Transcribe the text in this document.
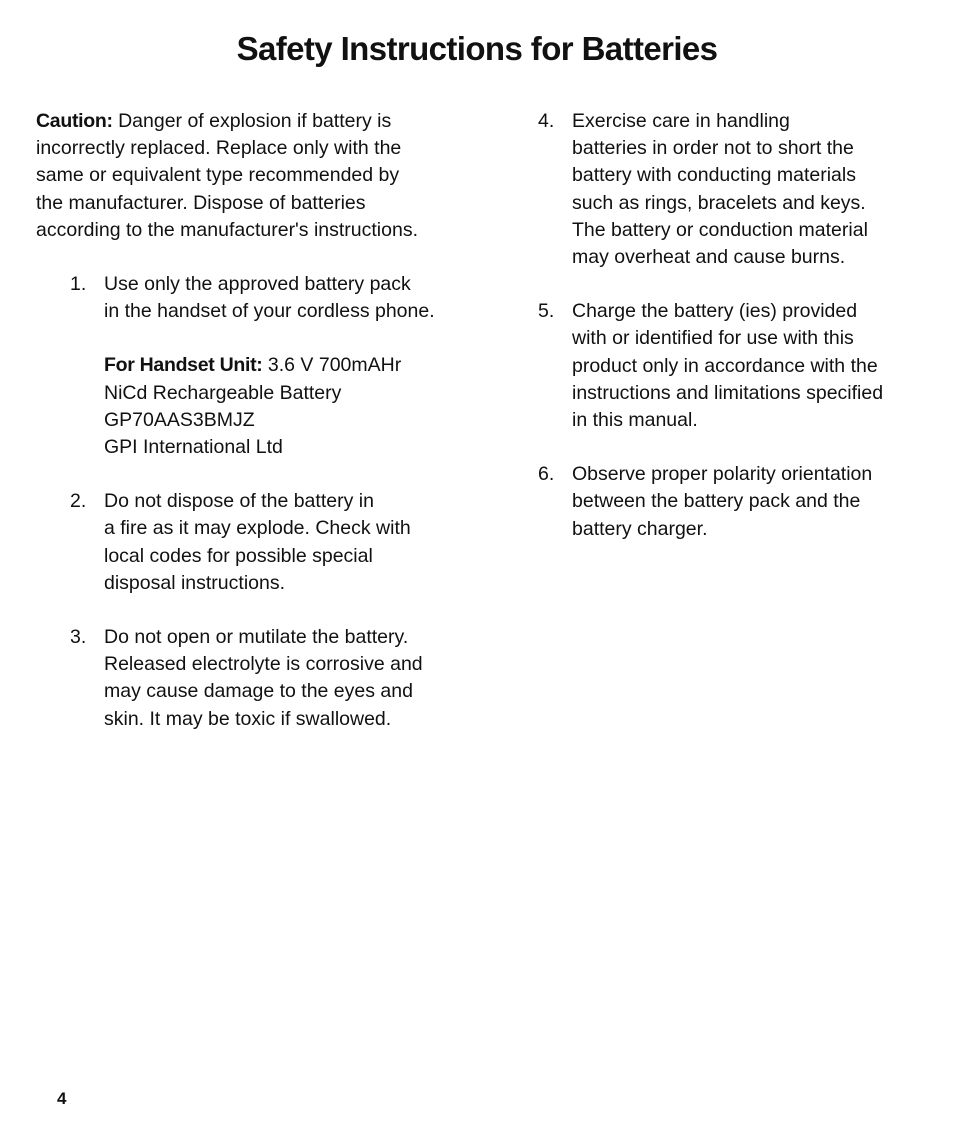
Safety Instructions for Batteries

Caution: Danger of explosion if battery is
incorrectly replaced. Replace only with the
same or equivalent type recommended by
the manufacturer. Dispose of batteries
according to the manufacturer's instructions.

1. Use only the approved battery pack
in the handset of your cordless phone.
For Handset Unit: 3.6 V 700mAHr
NiCd Rechargeable Battery
GP70AAS3BMJZ
GPI International Ltd
2. Do not dispose of the battery in
a fire as it may explode. Check with
local codes for possible special
disposal instructions.
3. Do not open or mutilate the battery.
Released electrolyte is corrosive and
may cause damage to the eyes and
skin. It may be toxic if swallowed.
4. Exercise care in handling
batteries in order not to short the
battery with conducting materials
such as rings, bracelets and keys.
The battery or conduction material
may overheat and cause burns.
5. Charge the battery (ies) provided
with or identified for use with this
product only in accordance with the
instructions and limitations specified
in this manual.
6. Observe proper polarity orientation
between the battery pack and the
battery charger.
4
